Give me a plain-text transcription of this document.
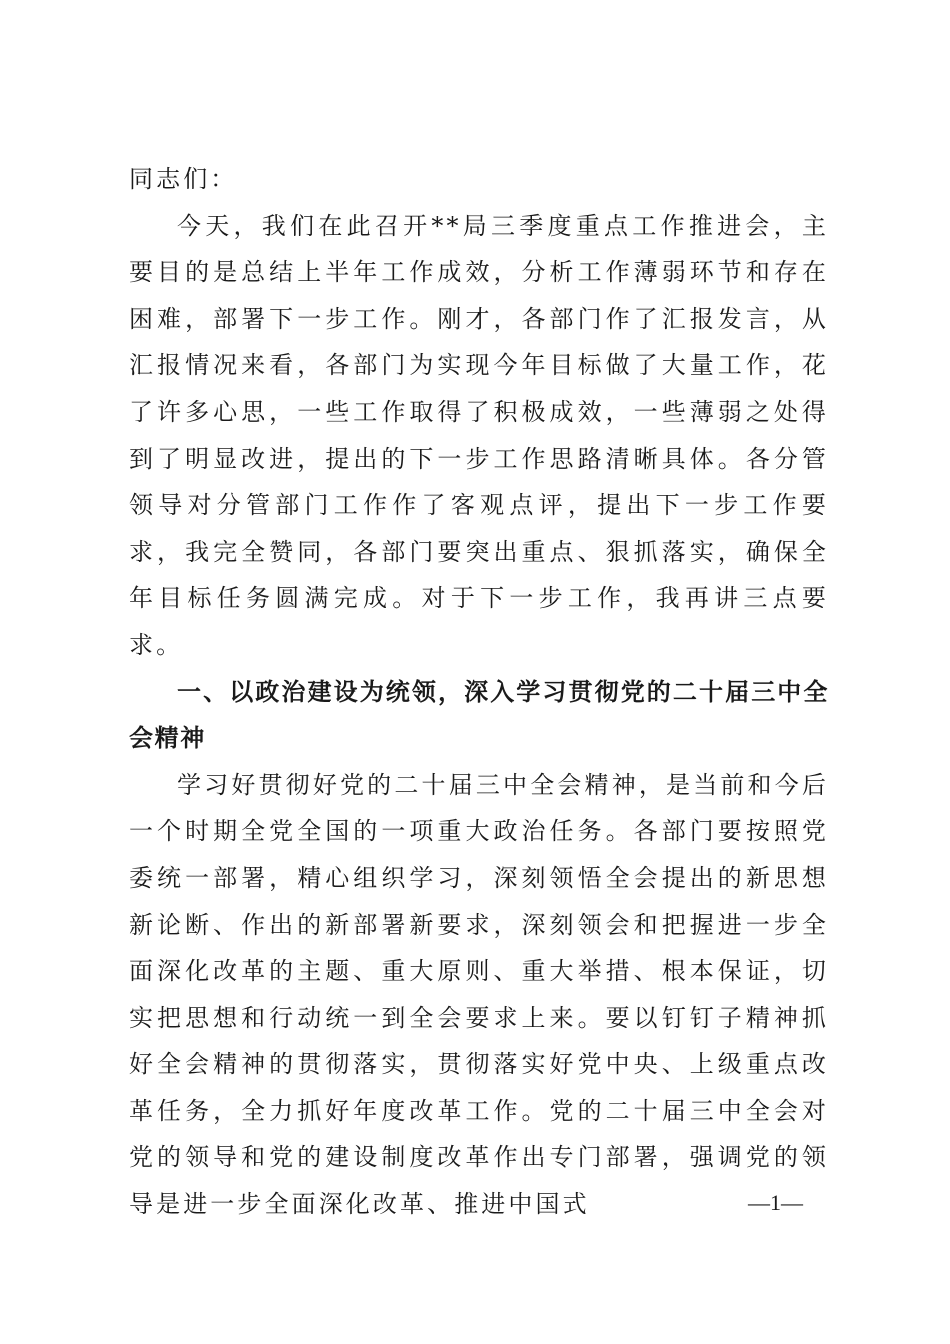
同志们：

今天，我们在此召开**局三季度重点工作推进会，主要目的是总结上半年工作成效，分析工作薄弱环节和存在困难，部署下一步工作。刚才，各部门作了汇报发言，从汇报情况来看，各部门为实现今年目标做了大量工作，花了许多心思，一些工作取得了积极成效，一些薄弱之处得到了明显改进，提出的下一步工作思路清晰具体。各分管领导对分管部门工作作了客观点评，提出下一步工作要求，我完全赞同，各部门要突出重点、狠抓落实，确保全年目标任务圆满完成。对于下一步工作，我再讲三点要求。

一、以政治建设为统领，深入学习贯彻党的二十届三中全会精神

学习好贯彻好党的二十届三中全会精神，是当前和今后一个时期全党全国的一项重大政治任务。各部门要按照党委统一部署，精心组织学习，深刻领悟全会提出的新思想新论断、作出的新部署新要求，深刻领会和把握进一步全面深化改革的主题、重大原则、重大举措、根本保证，切实把思想和行动统一到全会要求上来。要以钉钉子精神抓好全会精神的贯彻落实，贯彻落实好党中央、上级重点改革任务，全力抓好年度改革工作。党的二十届三中全会对党的领导和党的建设制度改革作出专门部署，强调党的领导是进一步全面深化改革、推进中国式	—1—
